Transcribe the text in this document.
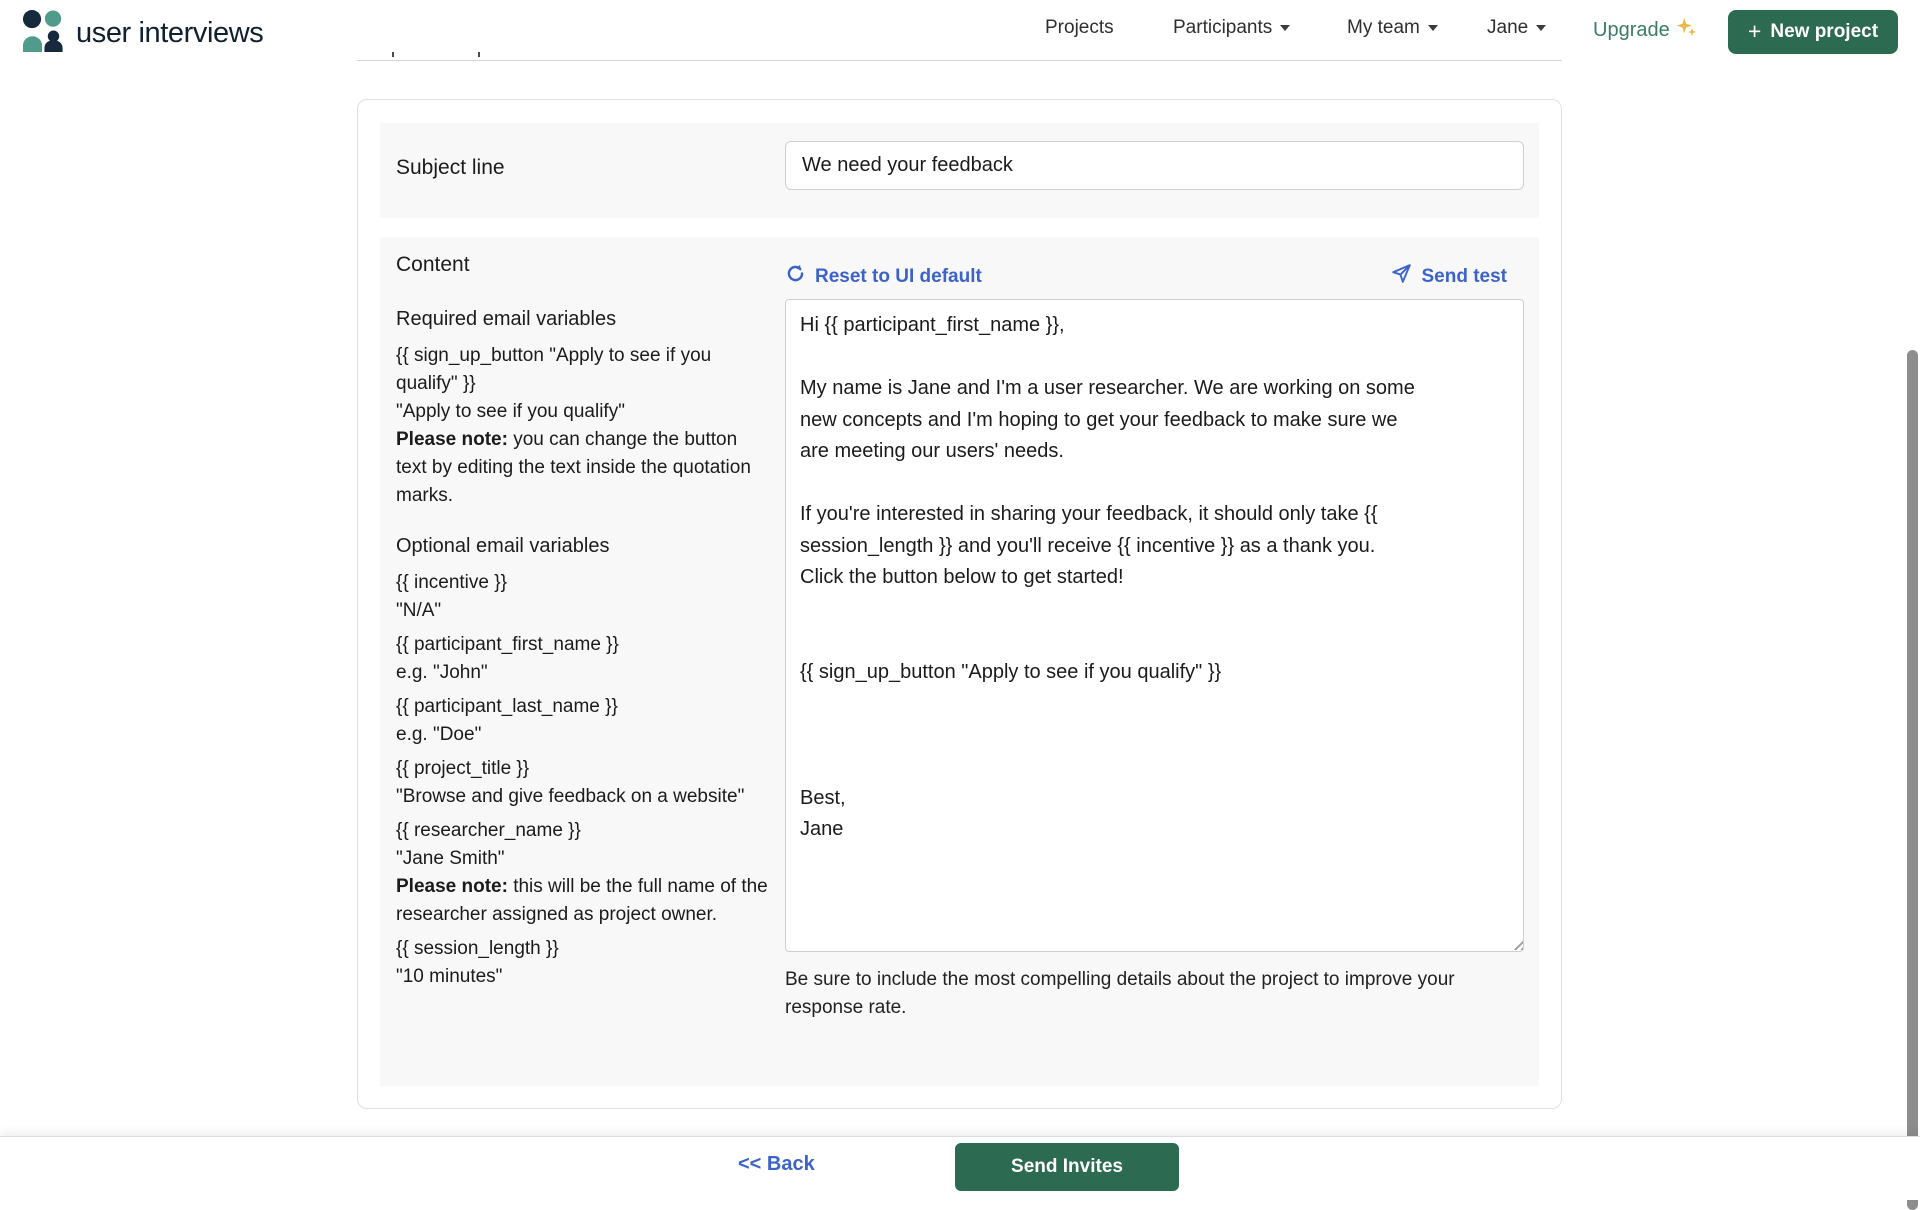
user interviews	Projects	Participants	My team	Jane	Upgrade	+ New project
Subject line
We need your feedback
Content	Reset to UI default	Send test
Required email variables
{{ sign_up_button "Apply to see if you qualify" }}
"Apply to see if you qualify"
Please note: you can change the button text by editing the text inside the quotation marks.
Optional email variables
{{ incentive }}
"N/A"
{{ participant_first_name }}
e.g. "John"
{{ participant_last_name }}
e.g. "Doe"
{{ project_title }}
"Browse and give feedback on a website"
{{ researcher_name }}
"Jane Smith"
Please note: this will be the full name of the researcher assigned as project owner.
{{ session_length }}
"10 minutes"
Hi {{ participant_first_name }}, My name is Jane and I'm a user researcher. We are working on some new concepts and I'm hoping to get your feedback to make sure we are meeting our users' needs. If you're interested in sharing your feedback, it should only take {{ session_length }} and you'll receive {{ incentive }} as a thank you. Click the button below to get started! {{ sign_up_button "Apply to see if you qualify" }} Best, Jane	Be sure to include the most compelling details about the project to improve your response rate.
<< Back	Send Invites
